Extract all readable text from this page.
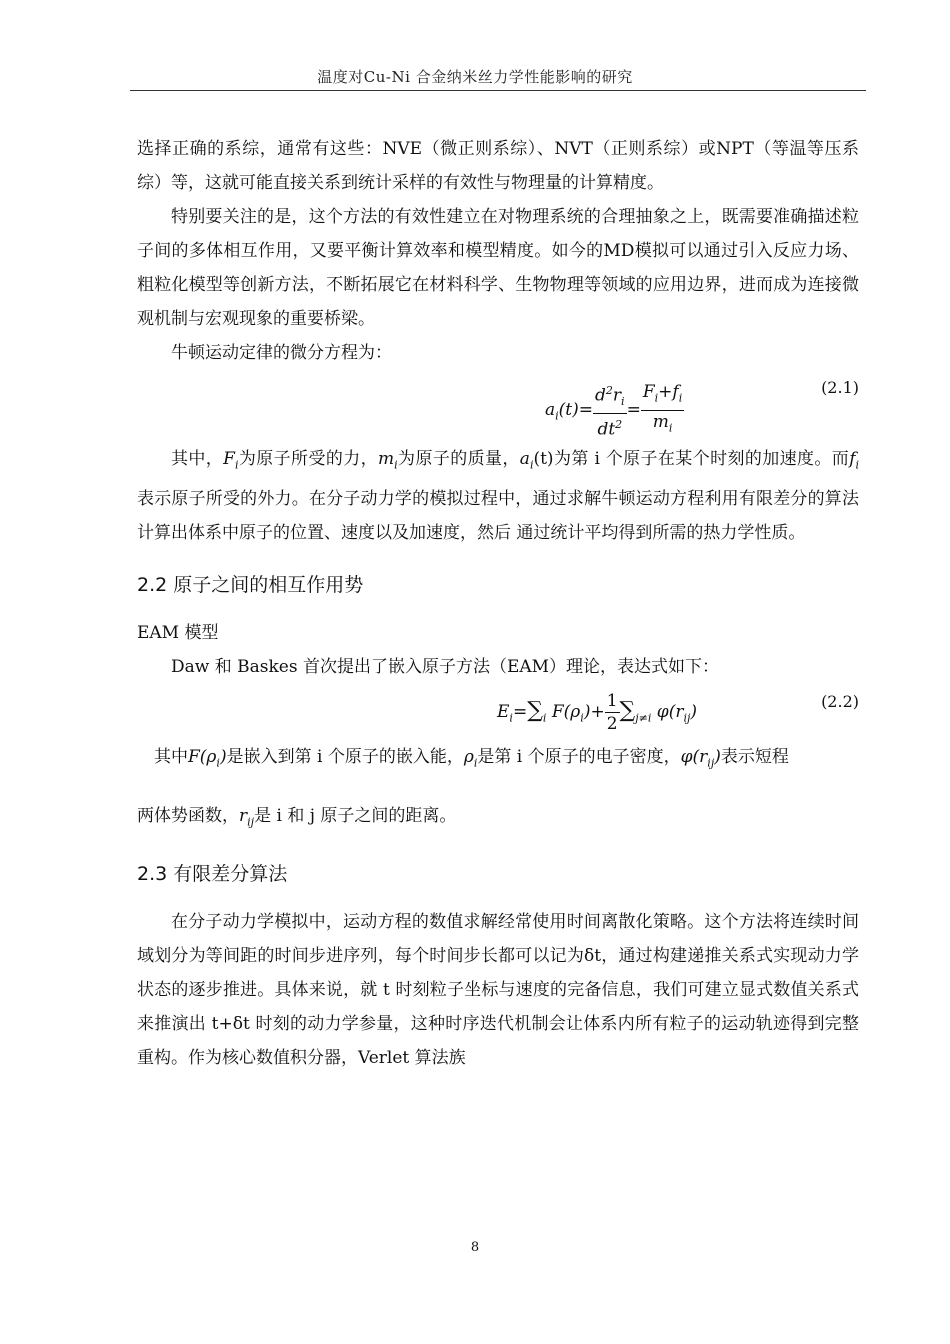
温度对Cu-Ni 合金纳米丝力学性能影响的研究

选择正确的系综，通常有这些：NVE（微正则系综）、NVT（正则系综）或NPT（等温等压系综）等，这就可能直接关系到统计采样的有效性与物理量的计算精度。

特别要关注的是，这个方法的有效性建立在对物理系统的合理抽象之上，既需要准确描述粒子间的多体相互作用，又要平衡计算效率和模型精度。如今的MD模拟可以通过引入反应力场、粗粒化模型等创新方法，不断拓展它在材料科学、生物物理等领域的应用边界，进而成为连接微观机制与宏观现象的重要桥梁。

牛顿运动定律的微分方程为：

$a_i(t)= \frac{d^2r_i}{dt^2} = \frac{F_i+f_i}{m_i}$	(2.1)

其中，$F_i$为原子所受的力，$m_i$为原子的质量，$a_i(t)$为第 i 个原子在某个时刻的加速度。而$f_i$表示原子所受的外力。在分子动力学的模拟过程中，通过求解牛顿运动方程利用有限差分的算法计算出体系中原子的位置、速度以及加速度，然后 通过统计平均得到所需的热力学性质。

2.2 原子之间的相互作用势
EAM 模型

Daw 和 Baskes 首次提出了嵌入原子方法（EAM）理论，表达式如下：

$E_i=\sum_i$ $F(\rho_i)+ \frac{1}{2} \sum_{j\ne i}$ $\varphi(r_{ij})$
(2.2)

其中$F(\rho_i)$是嵌入到第 i 个原子的嵌入能，$\rho_i$是第 i 个原子的电子密度，$\varphi(r_{ij})$表示短程

两体势函数，$r_{ij}$是 i 和 j 原子之间的距离。

2.3 有限差分算法

在分子动力学模拟中，运动方程的数值求解经常使用时间离散化策略。这个方法将连续时间域划分为等间距的时间步进序列，每个时间步长都可以记为δt，通过构建递推关系式实现动力学状态的逐步推进。具体来说，就 t 时刻粒子坐标与速度的完备信息，我们可建立显式数值关系式来推演出 t+δt 时刻的动力学参量，这种时序迭代机制会让体系内所有粒子的运动轨迹得到完整重构。作为核心数值积分器，Verlet 算法族

8
